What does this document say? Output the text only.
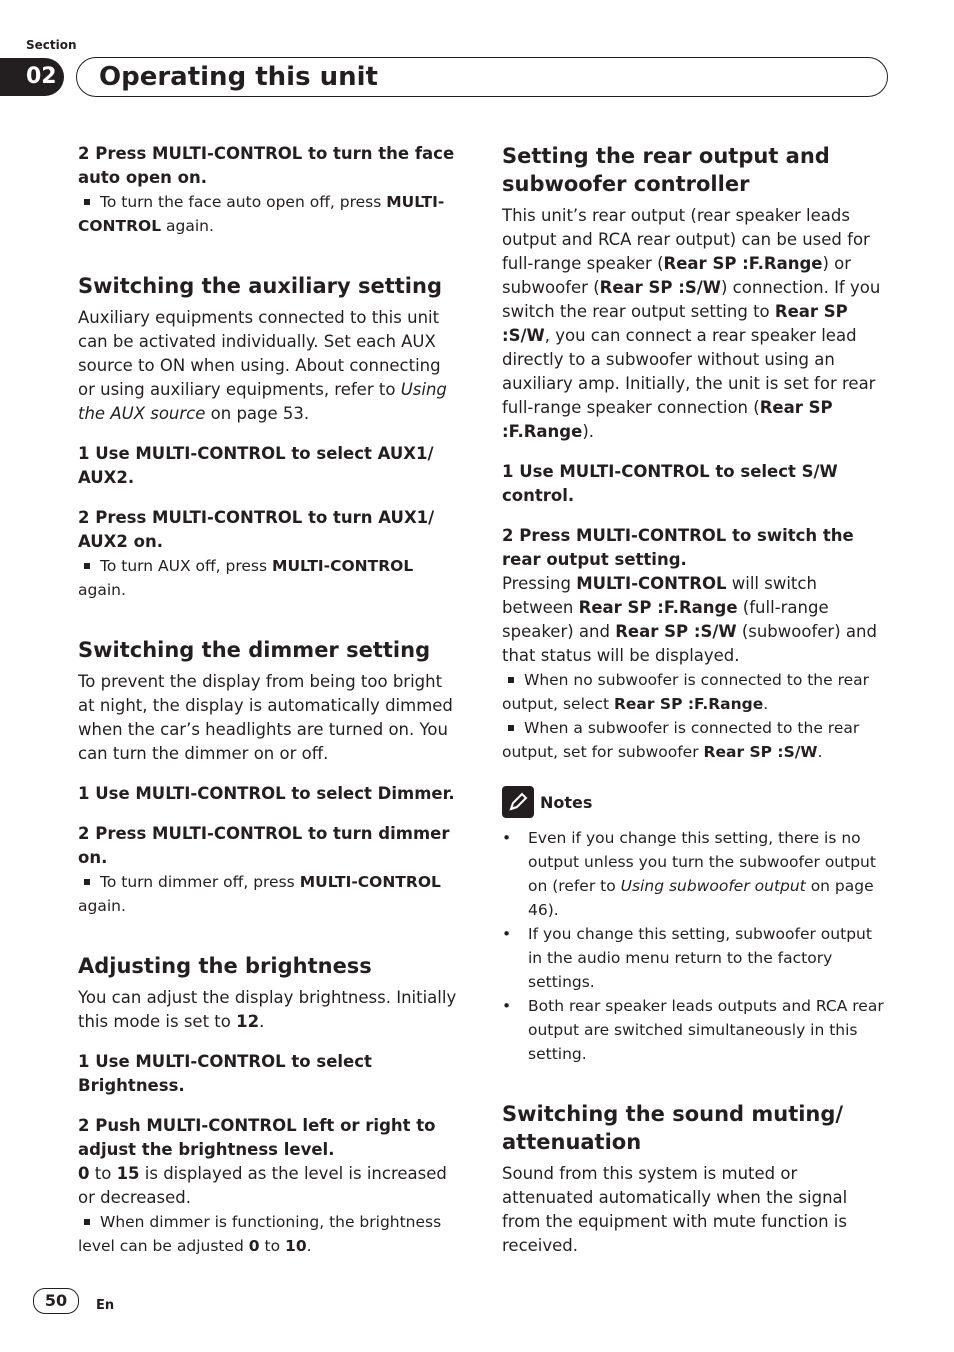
Section
02 Operating this unit

2 Press MULTI-CONTROL to turn the face auto open on.

To turn the face auto open off, press MULTI-CONTROL again.

Switching the auxiliary setting

Auxiliary equipments connected to this unit can be activated individually. Set each AUX source to ON when using. About connecting or using auxiliary equipments, refer to Using the AUX source on page 53.

1 Use MULTI-CONTROL to select AUX1/ AUX2.

2 Press MULTI-CONTROL to turn AUX1/ AUX2 on.

To turn AUX off, press MULTI-CONTROL again.

Switching the dimmer setting

To prevent the display from being too bright at night, the display is automatically dimmed when the car’s headlights are turned on. You can turn the dimmer on or off.

1 Use MULTI-CONTROL to select Dimmer.

2 Press MULTI-CONTROL to turn dimmer on.

To turn dimmer off, press MULTI-CONTROL again.

Adjusting the brightness

You can adjust the display brightness. Initially this mode is set to 12.

1 Use MULTI-CONTROL to select Brightness.

2 Push MULTI-CONTROL left or right to adjust the brightness level.

0 to 15 is displayed as the level is increased or decreased.

When dimmer is functioning, the brightness level can be adjusted 0 to 10.

Setting the rear output and subwoofer controller

This unit’s rear output (rear speaker leads output and RCA rear output) can be used for full-range speaker (Rear SP :F.Range) or subwoofer (Rear SP :S/W) connection. If you switch the rear output setting to Rear SP :S/W, you can connect a rear speaker lead directly to a subwoofer without using an auxiliary amp. Initially, the unit is set for rear full-range speaker connection (Rear SP :F.Range).

1 Use MULTI-CONTROL to select S/W control.

2 Press MULTI-CONTROL to switch the rear output setting.

Pressing MULTI-CONTROL will switch between Rear SP :F.Range (full-range speaker) and Rear SP :S/W (subwoofer) and that status will be displayed.

When no subwoofer is connected to the rear output, select Rear SP :F.Range.

When a subwoofer is connected to the rear output, set for subwoofer Rear SP :S/W.

Notes
• Even if you change this setting, there is no output unless you turn the subwoofer output on (refer to Using subwoofer output on page 46).
• If you change this setting, subwoofer output in the audio menu return to the factory settings.
• Both rear speaker leads outputs and RCA rear output are switched simultaneously in this setting.
Switching the sound muting/ attenuation

Sound from this system is muted or attenuated automatically when the signal from the equipment with mute function is received.

50	En
